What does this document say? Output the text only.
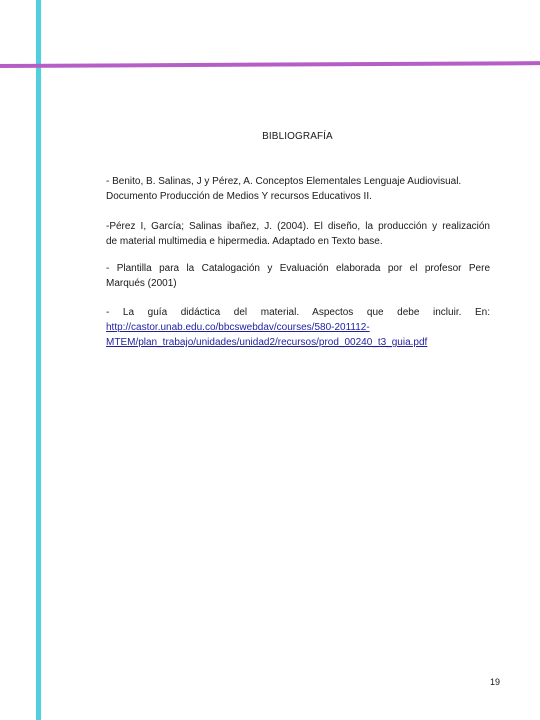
BIBLIOGRAFÍA
- Benito, B. Salinas, J y Pérez, A. Conceptos Elementales Lenguaje Audiovisual.
Documento Producción de Medios Y recursos Educativos II.
-Pérez I, García; Salinas ibañez, J. (2004). El diseño, la producción y realización
de material multimedia e hipermedia. Adaptado en Texto base.
- Plantilla para la Catalogación y Evaluación elaborada por el profesor Pere
Marqués (2001)
- La guía didáctica del material. Aspectos que debe incluir. En:
http://castor.unab.edu.co/bbcswebdav/courses/580-201112-
MTEM/plan_trabajo/unidades/unidad2/recursos/prod_00240_t3_guia.pdf
19
